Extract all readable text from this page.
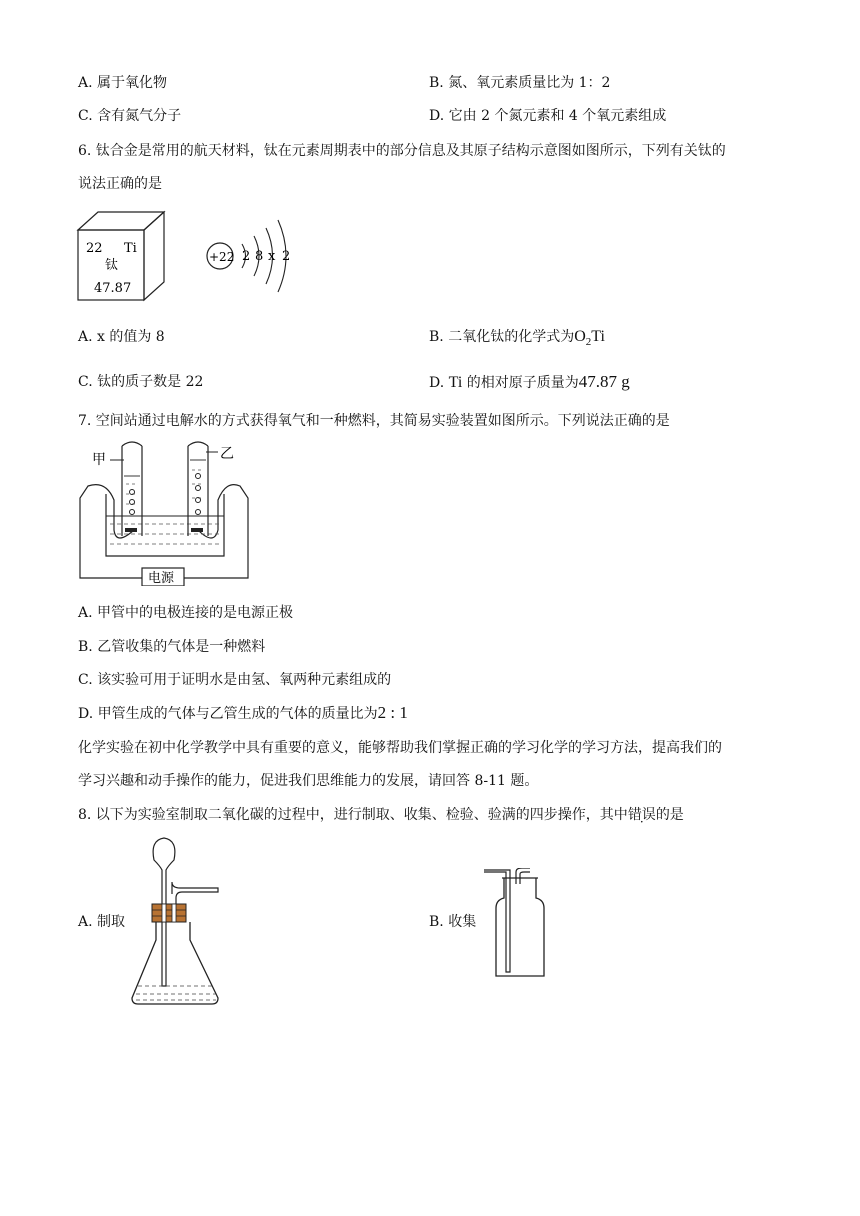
A. 属于氧化物	B. 氮、氧元素质量比为 1：2
C. 含有氮气分子	D. 它由 2 个氮元素和 4 个氧元素组成
6. 钛合金是常用的航天材料，钛在元素周期表中的部分信息及其原子结构示意图如图所示，下列有关钛的
说法正确的是
22 Ti
钛
47.87
+22 2 8 x 2
A. x 的值为 8	B. 二氧化钛的化学式为$O_2Ti$
C. 钛的质子数是 22	D. Ti 的相对原子质量为47.87 g
7. 空间站通过电解水的方式获得氧气和一种燃料，其简易实验装置如图所示。下列说法正确的是
电源
甲	乙
A. 甲管中的电极连接的是电源正极
B. 乙管收集的气体是一种燃料
C. 该实验可用于证明水是由氢、氧两种元素组成的
D. 甲管生成的气体与乙管生成的气体的质量比为2 : 1
化学实验在初中化学教学中具有重要的意义，能够帮助我们掌握正确的学习化学的学习方法，提高我们的
学习兴趣和动手操作的能力，促进我们思维能力的发展，请回答 8-11 题。
8. 以下为实验室制取二氧化碳的过程中，进行制取、收集、检验、验满的四步操作，其中错误的是
A. 制取	B. 收集
